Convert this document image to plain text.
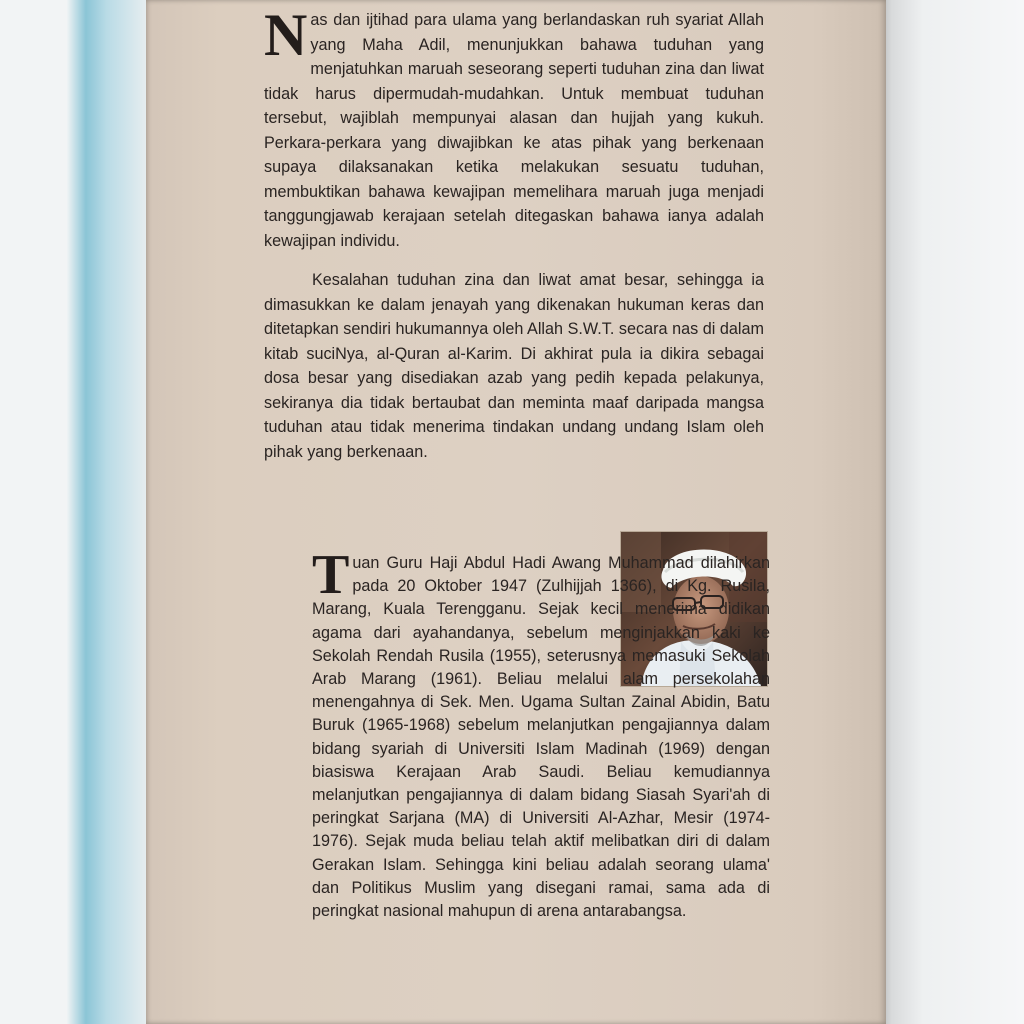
Nas dan ijtihad para ulama yang berlandaskan ruh syariat Allah yang Maha Adil, menunjukkan bahawa tuduhan yang menjatuhkan maruah seseorang seperti tuduhan zina dan liwat tidak harus dipermudah-mudahkan. Untuk membuat tuduhan tersebut, wajiblah mempunyai alasan dan hujjah yang kukuh. Perkara-perkara yang diwajibkan ke atas pihak yang berkenaan supaya dilaksanakan ketika melakukan sesuatu tuduhan, membuktikan bahawa kewajipan memelihara maruah juga menjadi tanggungjawab kerajaan setelah ditegaskan bahawa ianya adalah kewajipan individu.
Kesalahan tuduhan zina dan liwat amat besar, sehingga ia dimasukkan ke dalam jenayah yang dikenakan hukuman keras dan ditetapkan sendiri hukumannya oleh Allah S.W.T. secara nas di dalam kitab suciNya, al-Quran al-Karim. Di akhirat pula ia dikira sebagai dosa besar yang disediakan azab yang pedih kepada pelakunya, sekiranya dia tidak bertaubat dan meminta maaf daripada mangsa tuduhan atau tidak menerima tindakan undang undang Islam oleh pihak yang berkenaan.
Tuan Guru Haji Abdul Hadi Awang Muhammad dilahirkan pada 20 Oktober 1947 (Zulhijjah 1366), di Kg. Rusila, Marang, Kuala Terengganu. Sejak kecil menerima didikan agama dari ayahandanya, sebelum menginjakkan kaki ke Sekolah Rendah Rusila (1955), seterusnya memasuki Sekolah Arab Marang (1961). Beliau melalui alam persekolahan menengahnya di Sek. Men. Ugama Sultan Zainal Abidin, Batu Buruk (1965-1968) sebelum melanjutkan pengajiannya dalam bidang syariah di Universiti Islam Madinah (1969) dengan biasiswa Kerajaan Arab Saudi. Beliau kemudiannya melanjutkan pengajiannya di dalam bidang Siasah Syari'ah di peringkat Sarjana (MA) di Universiti Al-Azhar, Mesir (1974-1976). Sejak muda beliau telah aktif melibatkan diri di dalam Gerakan Islam. Sehingga kini beliau adalah seorang ulama' dan Politikus Muslim yang disegani ramai, sama ada di peringkat nasional mahupun di arena antarabangsa.
